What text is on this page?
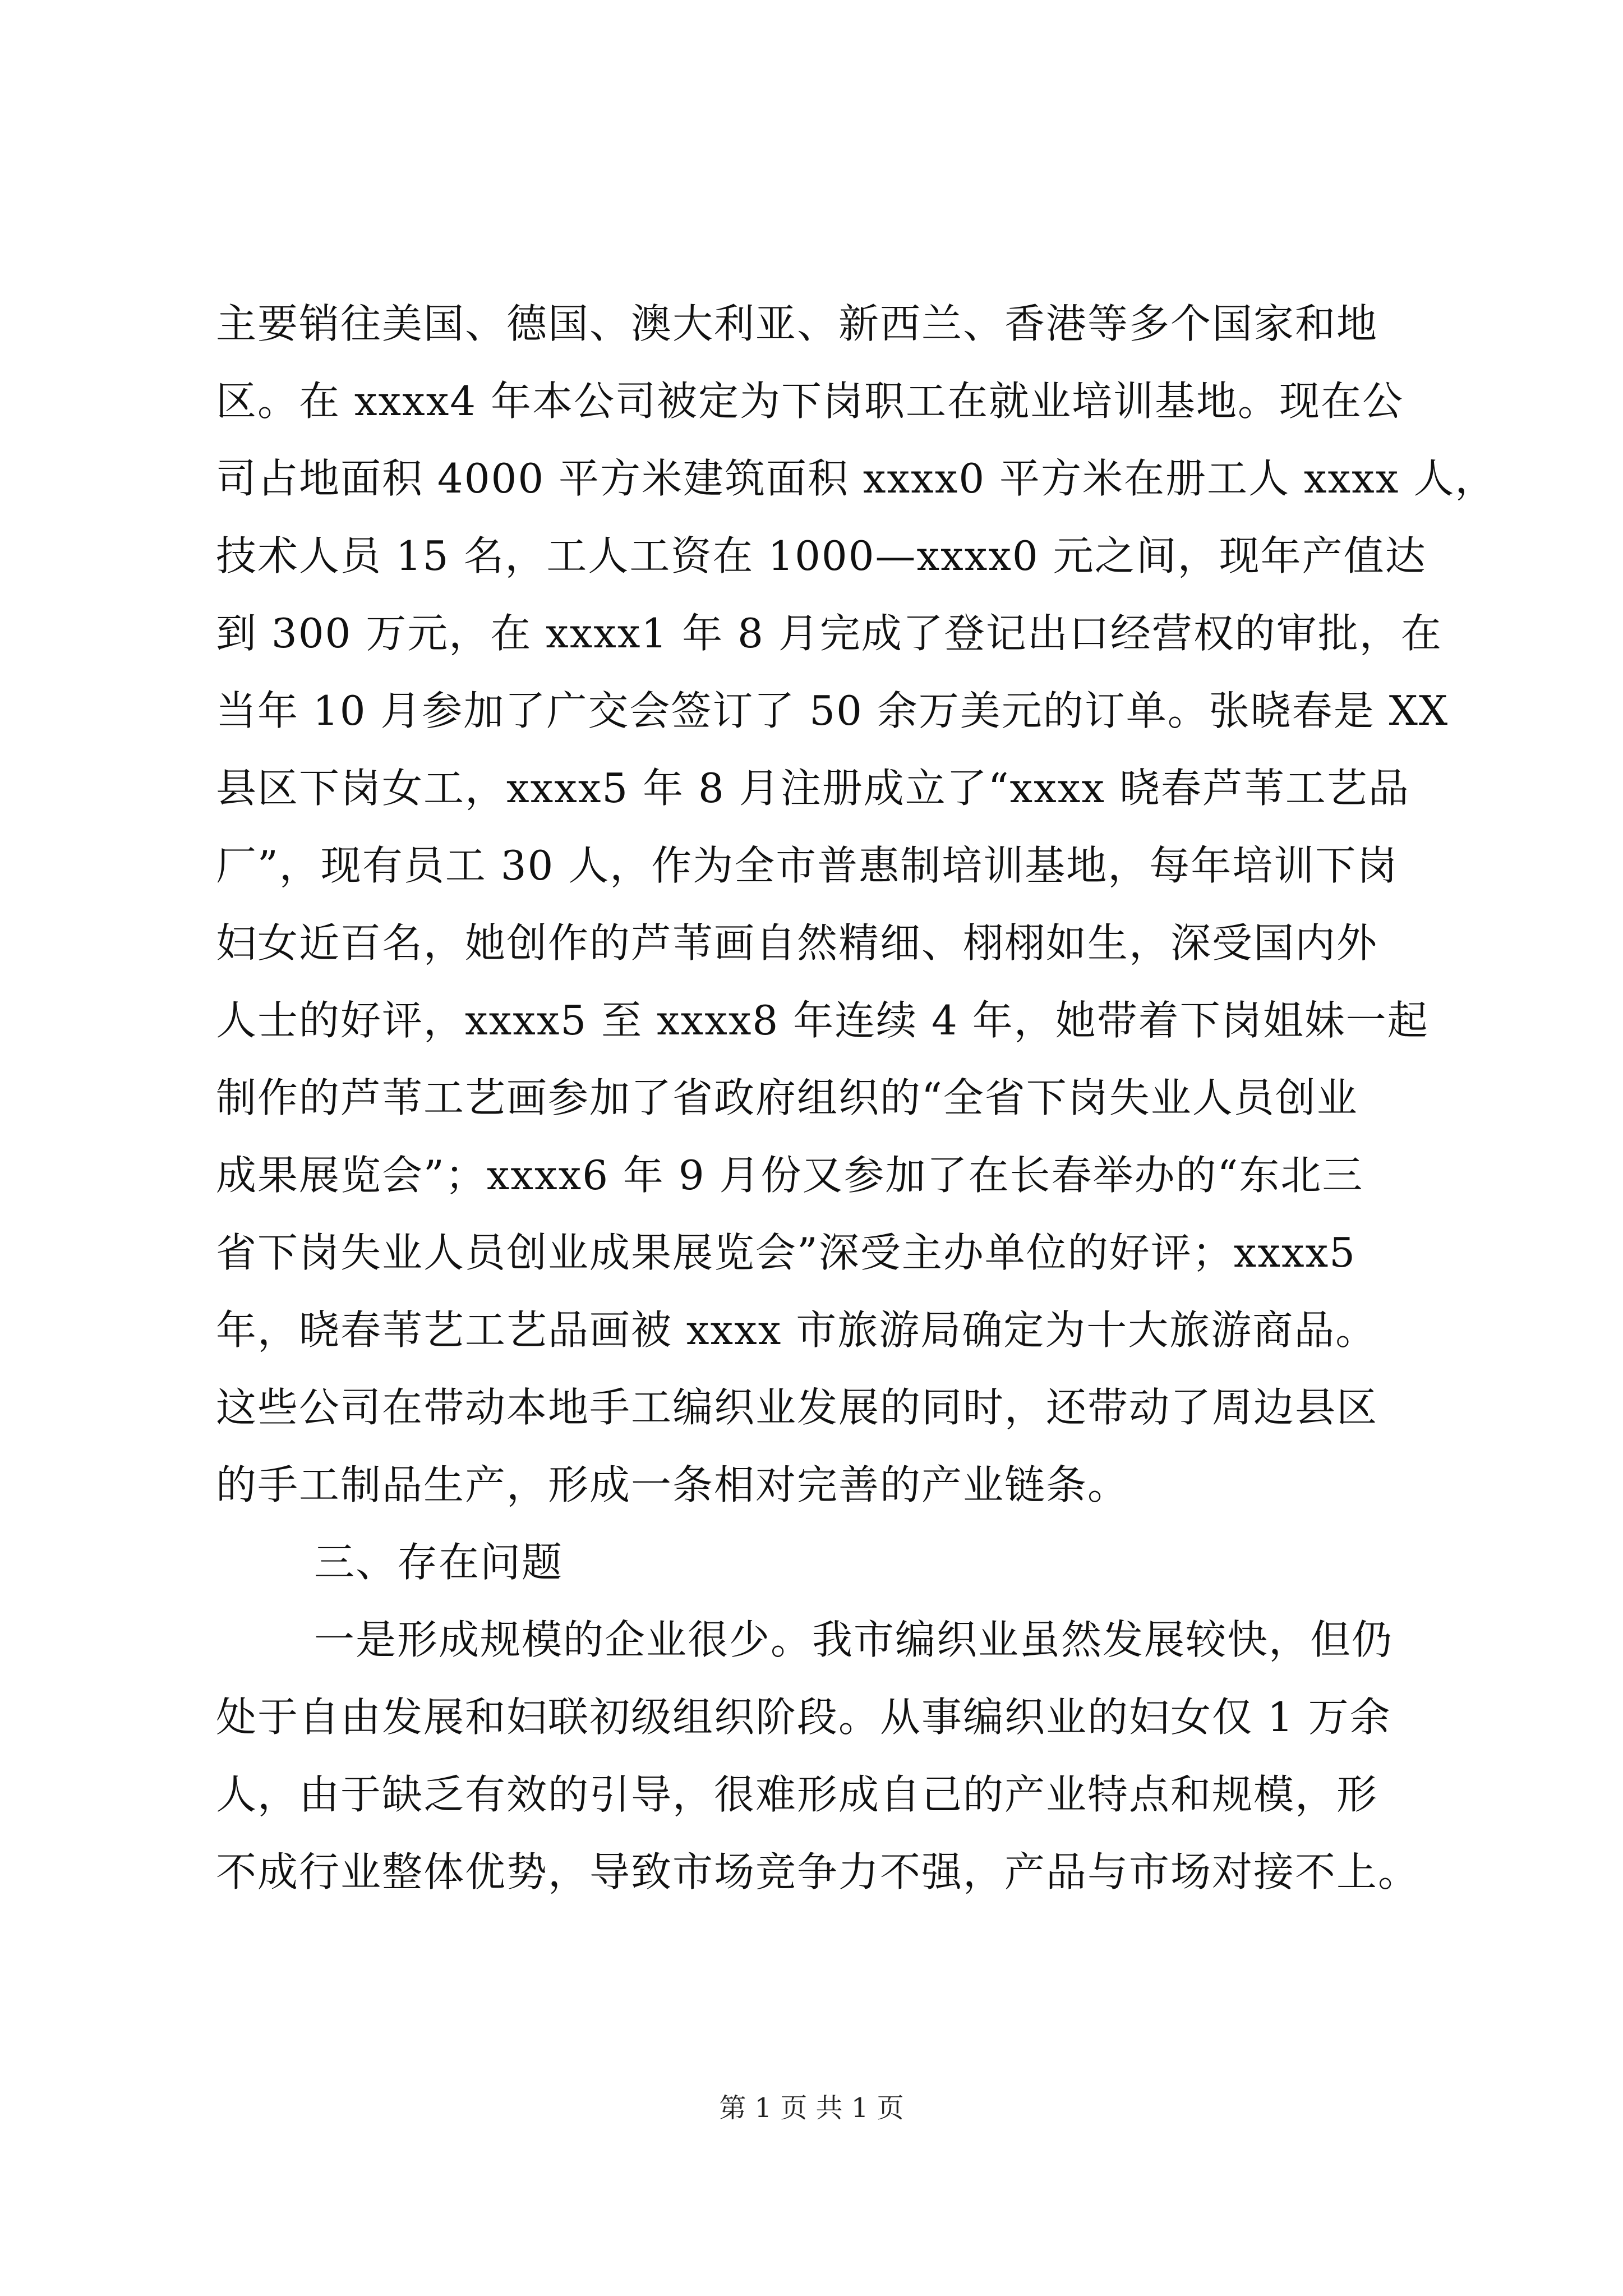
主要销往美国、德国、澳大利亚、新西兰、香港等多个国家和地
区。在 xxxx4 年本公司被定为下岗职工在就业培训基地。现在公
司占地面积 4000 平方米建筑面积 xxxx0 平方米在册工人 xxxx 人，
技术人员 15 名，工人工资在 1000—xxxx0 元之间，现年产值达
到 300 万元，在 xxxx1 年 8 月完成了登记出口经营权的审批，在
当年 10 月参加了广交会签订了 50 余万美元的订单。张晓春是 XX
县区下岗女工，xxxx5 年 8 月注册成立了“xxxx 晓春芦苇工艺品
厂”，现有员工 30 人，作为全市普惠制培训基地，每年培训下岗
妇女近百名，她创作的芦苇画自然精细、栩栩如生，深受国内外
人士的好评，xxxx5 至 xxxx8 年连续 4 年，她带着下岗姐妹一起
制作的芦苇工艺画参加了省政府组织的“全省下岗失业人员创业
成果展览会”；xxxx6 年 9 月份又参加了在长春举办的“东北三
省下岗失业人员创业成果展览会”深受主办单位的好评；xxxx5
年，晓春苇艺工艺品画被 xxxx 市旅游局确定为十大旅游商品。
这些公司在带动本地手工编织业发展的同时，还带动了周边县区
的手工制品生产，形成一条相对完善的产业链条。
三、存在问题
一是形成规模的企业很少。我市编织业虽然发展较快，但仍
处于自由发展和妇联初级组织阶段。从事编织业的妇女仅 1 万余
人，由于缺乏有效的引导，很难形成自己的产业特点和规模，形
不成行业整体优势，导致市场竞争力不强，产品与市场对接不上。
第 1 页 共 1 页
